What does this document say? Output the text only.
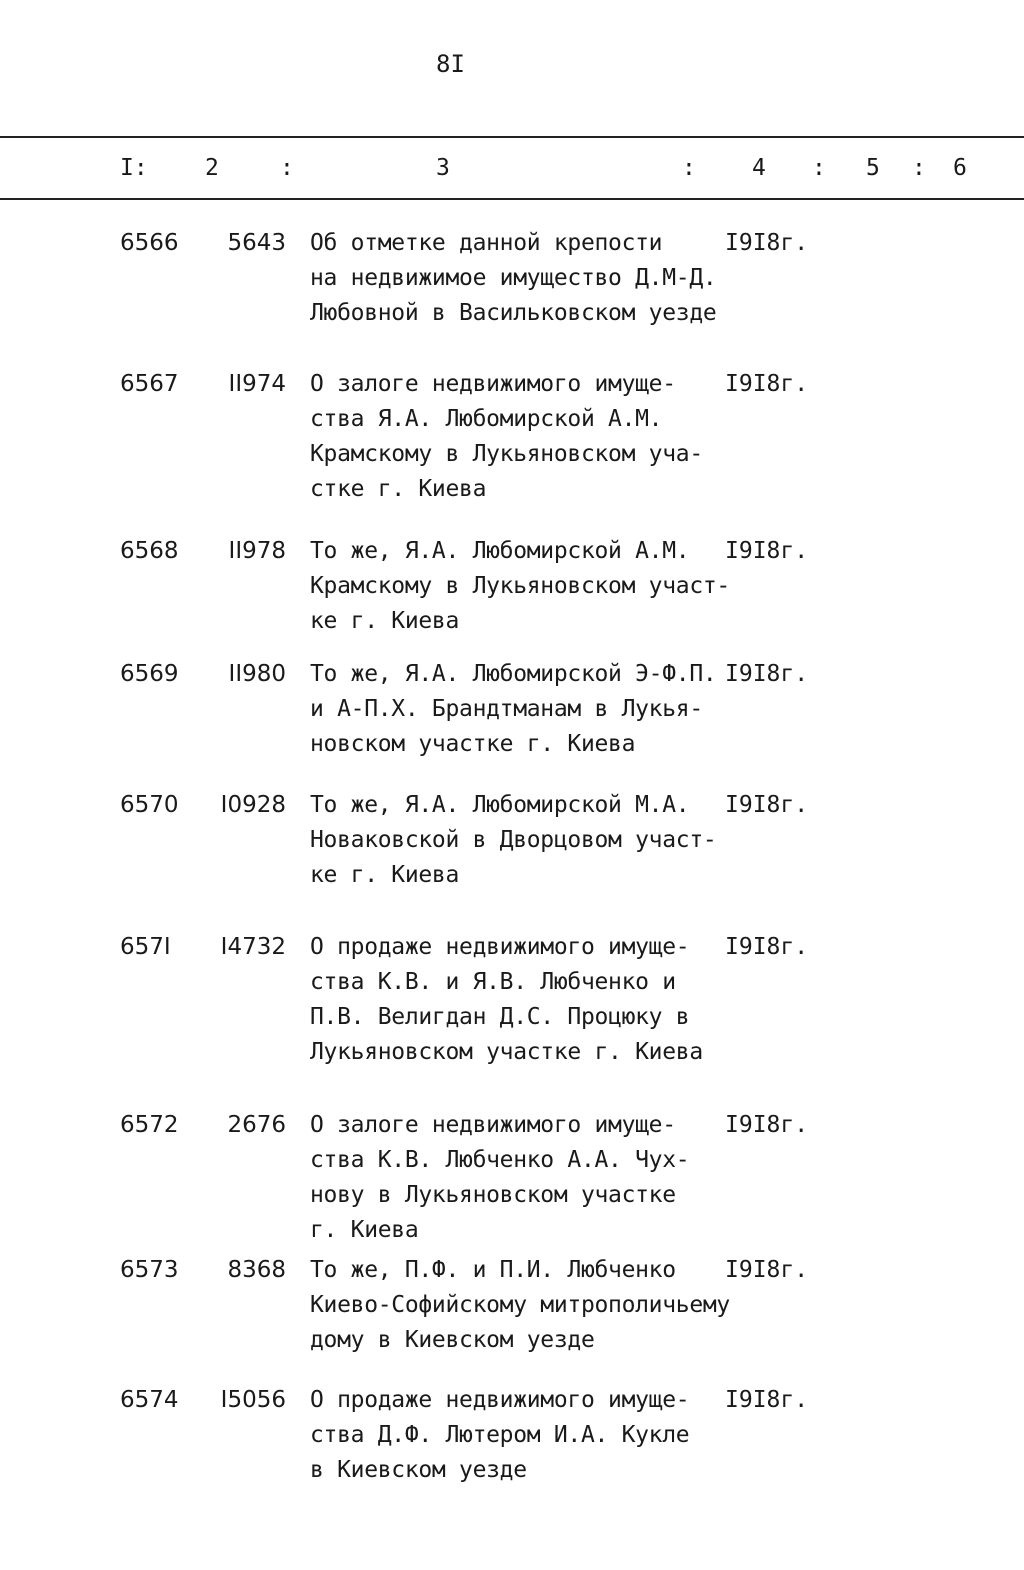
8I
I: 2	:	3	: 4 : 5 : 6
6566	5643 Об отметке данной крепости
на недвижимое имущество Д.М-Д.
Любовной в Васильковском уезде
I9I8г.
6567	II974 О залоге недвижимого имуще-
ства Я.А. Любомирской А.М.
Крамскому в Лукьяновском уча-
стке г. Киева
I9I8г.
6568	II978 То же, Я.А. Любомирской А.М.
Крамскому в Лукьяновском участ-
ке г. Киева
I9I8г.
6569	II980 То же, Я.А. Любомирской Э-Ф.П.
и А-П.Х. Брандтманам в Лукья-
новском участке г. Киева
I9I8г.
6570	I0928 То же, Я.А. Любомирской М.А.
Новаковской в Дворцовом участ-
ке г. Киева
I9I8г.
657I	I4732 О продаже недвижимого имуще-
ства К.В. и Я.В. Любченко и
П.В. Велигдан Д.С. Процюку в
Лукьяновском участке г. Киева
I9I8г.
6572	2676 О залоге недвижимого имуще-
ства К.В. Любченко А.А. Чух-
нову в Лукьяновском участке
г. Киева
I9I8г.
6573	8368 То же, П.Ф. и П.И. Любченко
Киево-Софийскому митрополичьему
дому в Киевском уезде
I9I8г.
6574	I5056 О продаже недвижимого имуще-
ства Д.Ф. Лютером И.А. Кукле
в Киевском уезде
I9I8г.
